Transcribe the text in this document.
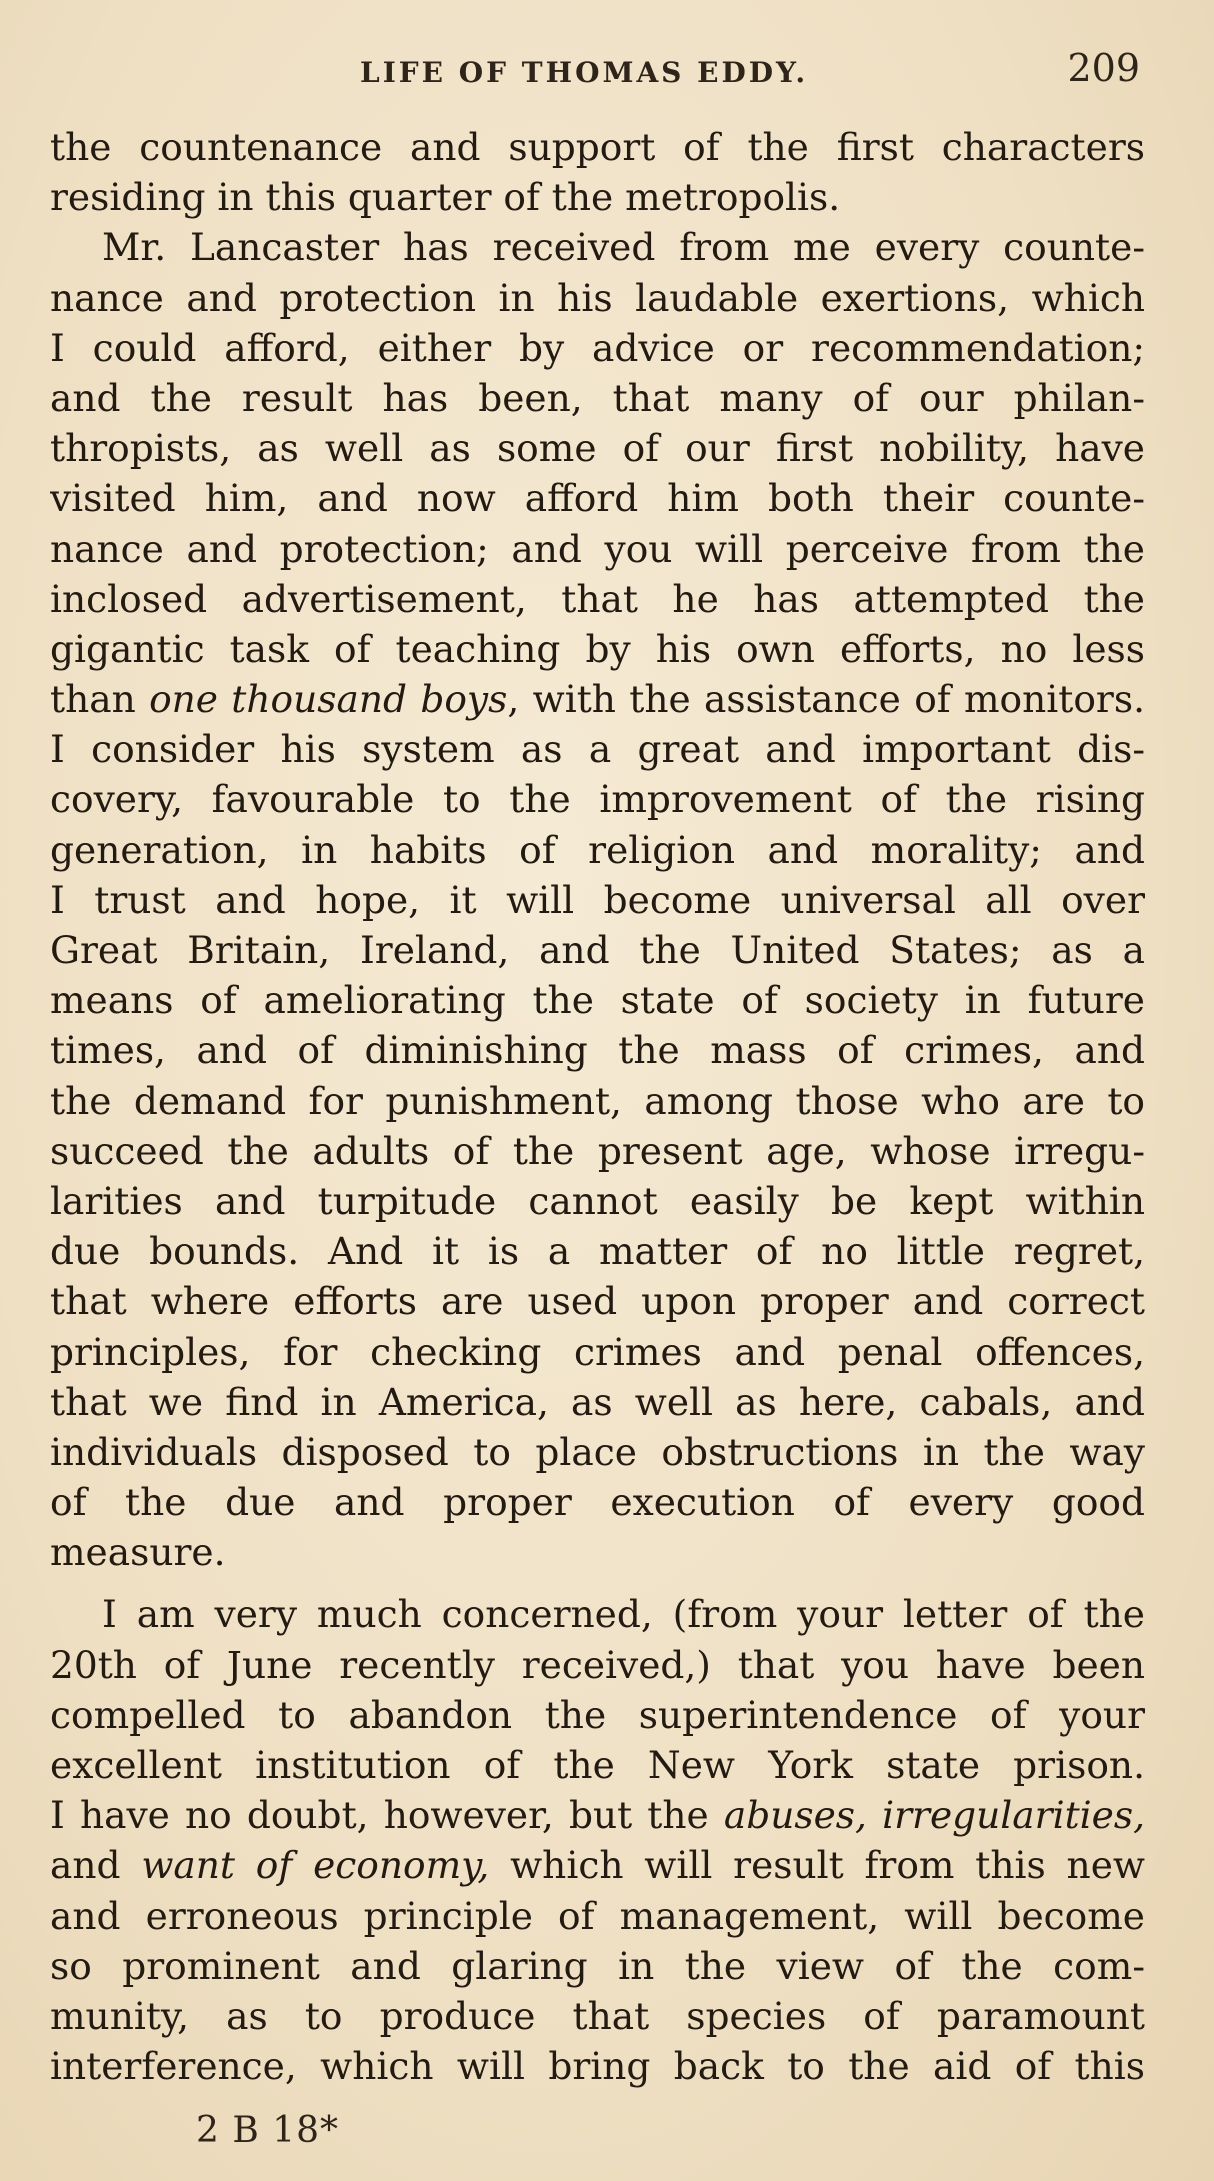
LIFE OF THOMAS EDDY.	209
the countenance and support of the first characters
residing in this quarter of the metropolis.
Mr. Lancaster has received from me every counte-
nance and protection in his laudable exertions, which
I could afford, either by advice or recommendation;
and the result has been, that many of our philan-
thropists, as well as some of our first nobility, have
visited him, and now afford him both their counte-
nance and protection; and you will perceive from the
inclosed advertisement, that he has attempted the
gigantic task of teaching by his own efforts, no less
than one thousand boys, with the assistance of monitors.
I consider his system as a great and important dis-
covery, favourable to the improvement of the rising
generation, in habits of religion and morality; and
I trust and hope, it will become universal all over
Great Britain, Ireland, and the United States; as a
means of ameliorating the state of society in future
times, and of diminishing the mass of crimes, and
the demand for punishment, among those who are to
succeed the adults of the present age, whose irregu-
larities and turpitude cannot easily be kept within
due bounds. And it is a matter of no little regret,
that where efforts are used upon proper and correct
principles, for checking crimes and penal offences,
that we find in America, as well as here, cabals, and
individuals disposed to place obstructions in the way
of the due and proper execution of every good
measure.
I am very much concerned, (from your letter of the
20th of June recently received,) that you have been
compelled to abandon the superintendence of your
excellent institution of the New York state prison.
I have no doubt, however, but the abuses, irregularities,
and want of economy, which will result from this new
and erroneous principle of management, will become
so prominent and glaring in the view of the com-
munity, as to produce that species of paramount
interference, which will bring back to the aid of this
2 B 18*
